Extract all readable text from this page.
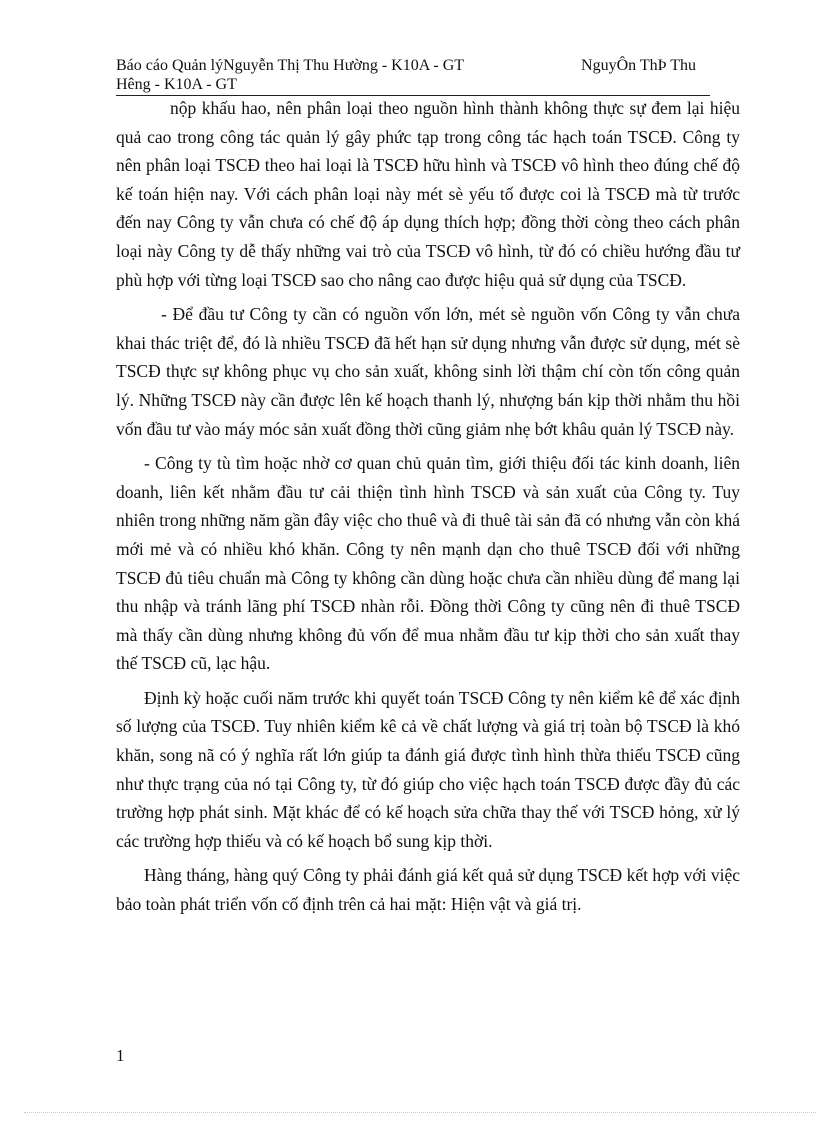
Báo cáo Quản lýNguyễn Thị Thu Hường - K10A - GT	NguyÔn ThÞ Thu
Hêng - K10A - GT

nộp khấu hao, nên phân loại theo nguồn hình thành không thực sự đem lại hiệu quả cao trong công tác quản lý gây phức tạp trong công tác hạch toán TSCĐ. Công ty nên phân loại TSCĐ theo hai loại là TSCĐ hữu hình và TSCĐ vô hình theo đúng chế độ kế toán hiện nay. Với cách phân loại này mét sè yếu tố được coi là TSCĐ mà từ trước đến nay Công ty vẫn chưa có chế độ áp dụng thích hợp; đồng thời còng theo cách phân loại này Công ty dễ thấy những vai trò của TSCĐ vô hình, từ đó có chiều hướng đầu tư phù hợp với từng loại TSCĐ sao cho nâng cao được hiệu quả sử dụng của TSCĐ.

- Để đầu tư Công ty cần có nguồn vốn lớn, mét sè nguồn vốn Công ty vẫn chưa khai thác triệt để, đó là nhiều TSCĐ đã hết hạn sử dụng nhưng vẫn được sử dụng, mét sè TSCĐ thực sự không phục vụ cho sản xuất, không sinh lời thậm chí còn tốn công quản lý. Những TSCĐ này cần được lên kế hoạch thanh lý, nhượng bán kịp thời nhằm thu hồi vốn đầu tư vào máy móc sản xuất đồng thời cũng giảm nhẹ bớt khâu quản lý TSCĐ này.

- Công ty tù tìm hoặc nhờ cơ quan chủ quản tìm, giới thiệu đối tác kinh doanh, liên doanh, liên kết nhằm đầu tư cải thiện tình hình TSCĐ và sản xuất của Công ty. Tuy nhiên trong những năm gần đây việc cho thuê và đi thuê tài sản đã có nhưng vẫn còn khá mới mẻ và có nhiều khó khăn. Công ty nên mạnh dạn cho thuê TSCĐ đối với những TSCĐ đủ tiêu chuẩn mà Công ty không cần dùng hoặc chưa cần nhiều dùng để mang lại thu nhập và tránh lãng phí TSCĐ nhàn rỗi. Đồng thời Công ty cũng nên đi thuê TSCĐ mà thấy cần dùng nhưng không đủ vốn để mua nhằm đầu tư kịp thời cho sản xuất thay thế TSCĐ cũ, lạc hậu.

Định kỳ hoặc cuối năm trước khi quyết toán TSCĐ Công ty nên kiểm kê để xác định số lượng của TSCĐ. Tuy nhiên kiểm kê cả về chất lượng và giá trị toàn bộ TSCĐ là khó khăn, song nã có ý nghĩa rất lớn giúp ta đánh giá được tình hình thừa thiếu TSCĐ cũng như thực trạng của nó tại Công ty, từ đó giúp cho việc hạch toán TSCĐ được đầy đủ các trường hợp phát sinh. Mặt khác để có kế hoạch sửa chữa thay thế với TSCĐ hỏng, xử lý các trường hợp thiếu và có kế hoạch bổ sung kịp thời.

Hàng tháng, hàng quý Công ty phải đánh giá kết quả sử dụng TSCĐ kết hợp với việc bảo toàn phát triển vốn cố định trên cả hai mặt: Hiện vật và giá trị.

1
